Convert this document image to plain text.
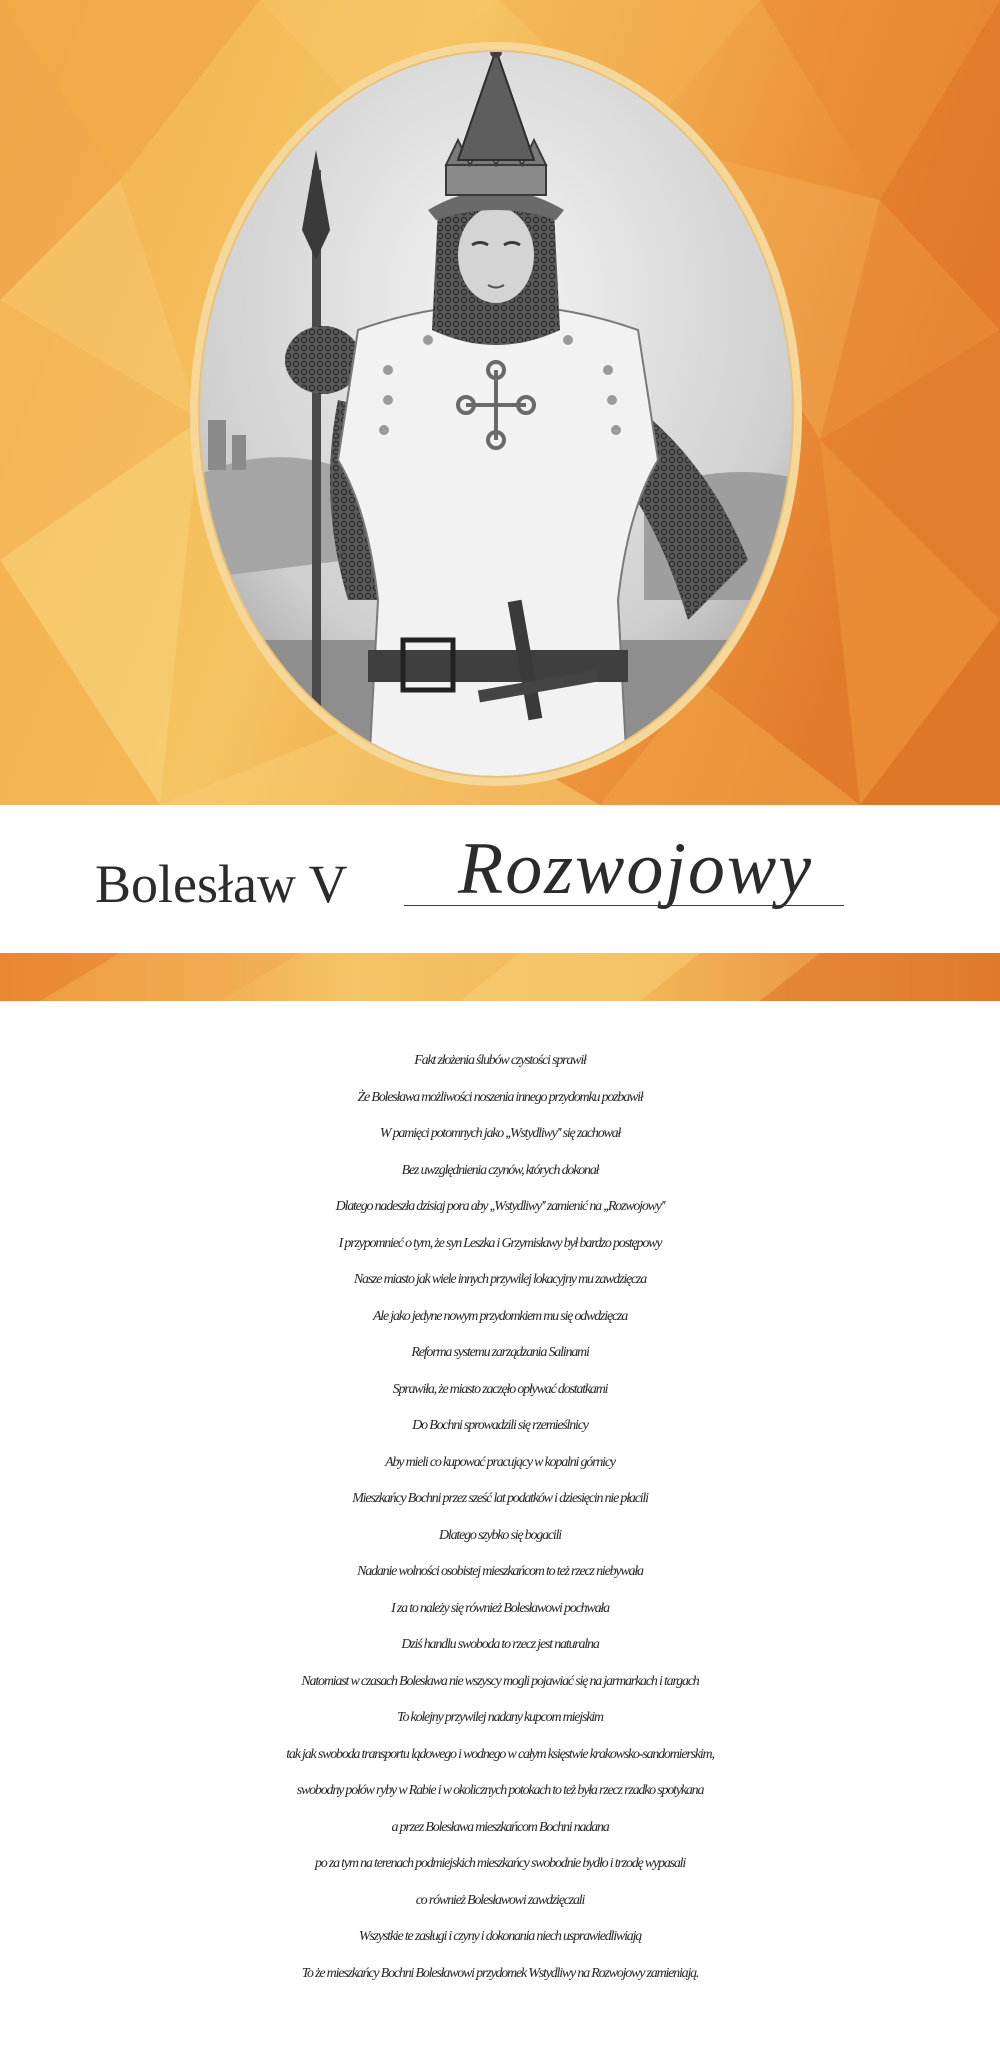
Bolesław V Rozwojowy
Fakt złożenia ślubów czystości sprawił
Że Bolesława możliwości noszenia innego przydomku pozbawił
W pamięci potomnych jako ,,Wstydliwy'' się zachował
Bez uwzględnienia czynów, których dokonał
Dlatego nadeszła dzisiaj pora aby ,,Wstydliwy'' zamienić na ,,Rozwojowy''
I przypomnieć o tym, że syn Leszka i Grzymisławy był bardzo postępowy
Nasze miasto jak wiele innych przywilej lokacyjny mu zawdzięcza
Ale jako jedyne nowym przydomkiem mu się odwdzięcza
Reforma systemu zarządzania Salinami
Sprawiła, że miasto zaczęło opływać dostatkami
Do Bochni sprowadzili się rzemieślnicy
Aby mieli co kupować pracujący w kopalni górnicy
Mieszkańcy Bochni przez sześć lat podatków i dziesięcin nie płacili
Dlatego szybko się bogacili
Nadanie wolności osobistej mieszkańcom to też rzecz niebywała
I za to należy się również Bolesławowi pochwała
Dziś handlu swoboda to rzecz jest naturalna
Natomiast w czasach Bolesława nie wszyscy mogli pojawiać się na jarmarkach i targach
To kolejny przywilej nadany kupcom miejskim
tak jak swoboda transportu lądowego i wodnego w całym księstwie krakowsko-sandomierskim,
swobodny połów ryby w Rabie i w okolicznych potokach to też była rzecz rzadko spotykana
a przez Bolesława mieszkańcom Bochni nadana
po za tym na terenach podmiejskich mieszkańcy swobodnie bydło i trzodę wypasali
co również Bolesławowi zawdzięczali
Wszystkie te zasługi i czyny i dokonania niech usprawiedliwiają
To że mieszkańcy Bochni Bolesławowi przydomek Wstydliwy na Rozwojowy zamieniają.
